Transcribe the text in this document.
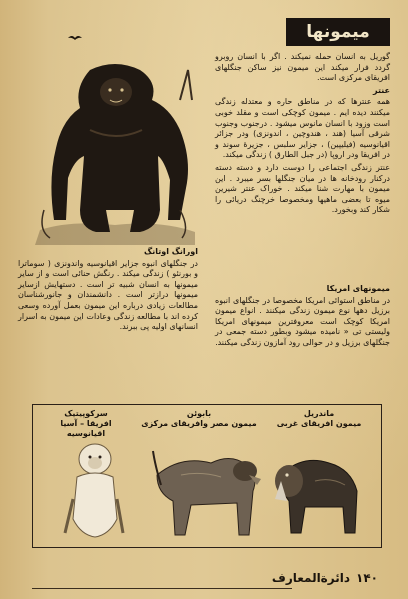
میمونها

گوریل به انسان حمله نمیکند . اگر با انسان روبرو گردد فرار میکند این میمون نیز ساکن جنگلهای افریقای مرکزی است.

عنتر

همه عنترها که در مناطق حاره و معتدله زندگی میکنند دیده ایم . میمون کوچکی است و مقلد خوبی است وزود با انسان مانوس میشود . درجنوب وجنوب شرقی آسیا (هند ، هندوچین ، اندونزی) ودر جزائر اقیانوسیه (فیلیپین) ، جزایر سلبس ، جزیرهٔ سوند و در افریقا ودر اروپا (در جبل الطارق ) زندگی میکند.

عنتر زندگی اجتماعی را دوست دارد و دسته دسته درکنار رودخانه ها در میان جنگلها بسر میبرد . این میمون با مهارت شنا میکند . خوراک عنتر شیرین میوه تا بعضی ماهیها ومخصوصا خرچنگ دریائی را شکار کند وبخورد.

میمونهای امریکا

در مناطق استوائی امریکا مخصوصا در جنگلهای انبوه برزیل دهها نوع میمون زندگی میکنند . انواع میمون امریکا کوچک است معروفترین میمونهای امریکا ولیستی تی « نامیده میشود وبطور دسته جمعی در جنگلهای برزیل و در حوالی رود آمازون زندگی میکنند.

اورانگ اوتانگ

در جنگلهای انبوه جزایر اقیانوسیه واندونزی ( سوماترا و بورنئو ) زندگی میکند . رنگش حنائی است و از سایر میمونها به انسان شبیه تر است . دستهایش ازسایر میمونها درازتر است . دانشمندان و جانورشناسان مطالعات زیادی درباره این میمون بعمل آورده وسعی کرده اند با مطالعه زندگی وعادات این میمون به اسرار انسانهای اولیه پی ببرند.

ماندریل
میمون افریقای غربی
بابوئن
میمون مصر وافریقای مرکزی
سرکوپیتیک
افریقا – آسیا
اقیانوسیه
۱۴۰
دائرةالمعارف
